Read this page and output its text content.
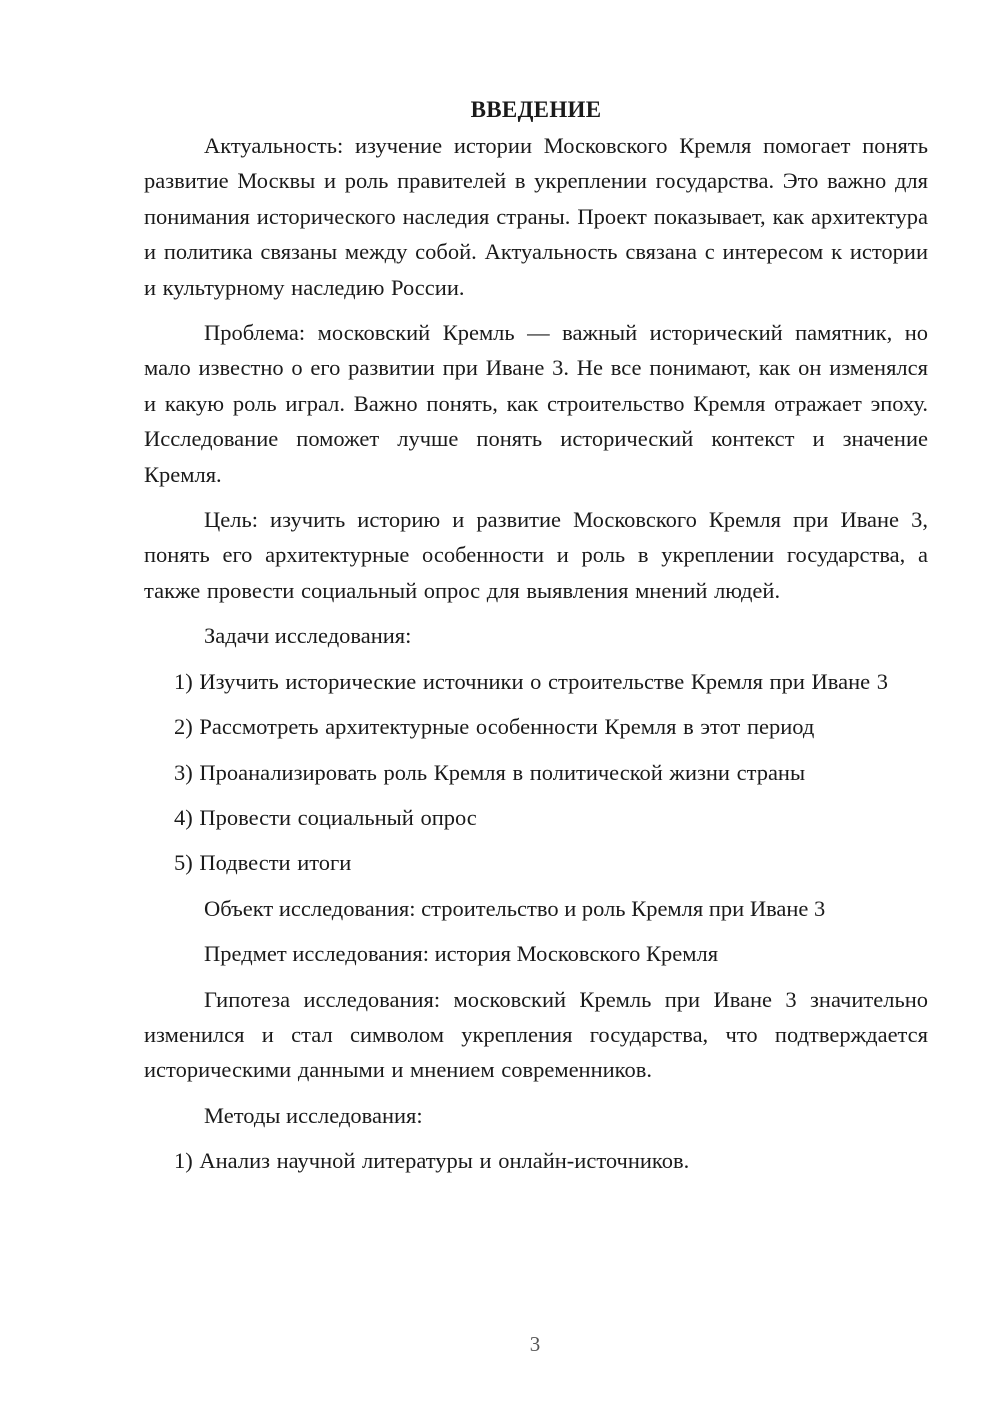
ВВЕДЕНИЕ

Актуальность: изучение истории Московского Кремля помогает понять развитие Москвы и роль правителей в укреплении государства. Это важно для понимания исторического наследия страны. Проект показывает, как архитектура и политика связаны между собой. Актуальность связана с интересом к истории и культурному наследию России.

Проблема: московский Кремль — важный исторический памятник, но мало известно о его развитии при Иване 3. Не все понимают, как он изменялся и какую роль играл. Важно понять, как строительство Кремля отражает эпоху. Исследование поможет лучше понять исторический контекст и значение Кремля.

Цель: изучить историю и развитие Московского Кремля при Иване 3, понять его архитектурные особенности и роль в укреплении государства, а также провести социальный опрос для выявления мнений людей.

Задачи исследования:

1) Изучить исторические источники о строительстве Кремля при Иване 3

2) Рассмотреть архитектурные особенности Кремля в этот период

3) Проанализировать роль Кремля в политической жизни страны

4) Провести социальный опрос

5) Подвести итоги

Объект исследования: строительство и роль Кремля при Иване 3

Предмет исследования: история Московского Кремля

Гипотеза исследования: московский Кремль при Иване 3 значительно изменился и стал символом укрепления государства, что подтверждается историческими данными и мнением современников.

Методы исследования:

1) Анализ научной литературы и онлайн-источников.

3
